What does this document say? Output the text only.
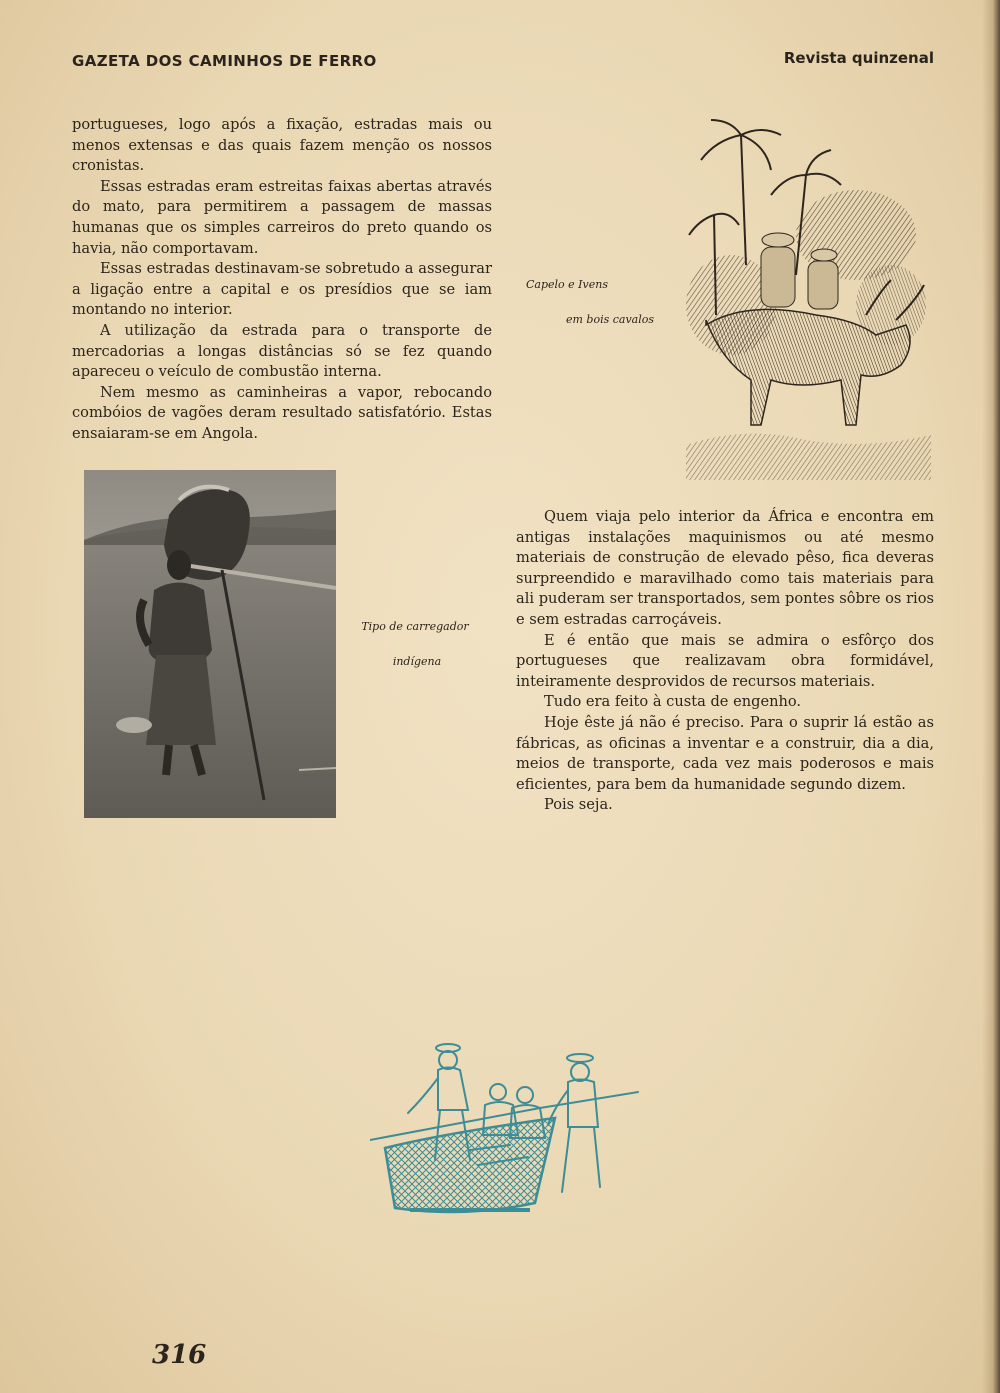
GAZETA DOS CAMINHOS DE FERRO	Revista quinzenal

portugueses, logo após a fixação, estradas mais ou menos extensas e das quais fazem menção os nossos cronistas.

Essas estradas eram estreitas faixas abertas através do mato, para permitirem a passagem de massas humanas que os simples carreiros do preto quando os havia, não comportavam.

Essas estradas destinavam-se sobretudo a assegurar a ligação entre a capital e os presídios que se iam montando no interior.

A utilização da estrada para o transporte de mercadorias a longas distâncias só se fez quando apareceu o veículo de combustão interna.

Nem mesmo as caminheiras a vapor, rebocando combóios de vagões deram resultado satisfatório. Estas ensaiaram-se em Angola.

Capelo e Ivens
em bois cavalos
Tipo de carregador
indígena

Quem viaja pelo interior da África e encontra em antigas instalações maquinismos ou até mesmo materiais de construção de elevado pêso, fica deveras surpreendido e maravilhado como tais materiais para ali puderam ser transportados, sem pontes sôbre os rios e sem estradas carroçáveis.

E é então que mais se admira o esfôrço dos portugueses que realizavam obra formidável, inteiramente desprovidos de recursos materiais.

Tudo era feito à custa de engenho.

Hoje êste já não é preciso. Para o suprir lá estão as fábricas, as oficinas a inventar e a construir, dia a dia, meios de transporte, cada vez mais poderosos e mais eficientes, para bem da humanidade segundo dizem.

Pois seja.

316
